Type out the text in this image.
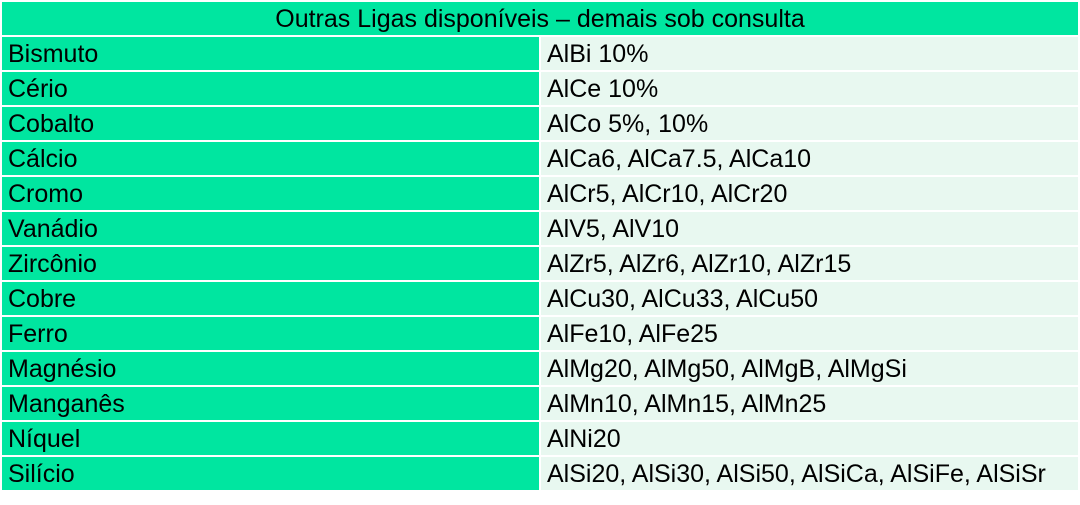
Outras Ligas disponíveis – demais sob consulta	
Bismuto	AlBi 10%
Cério	AlCe 10%
Cobalto	AlCo 5%, 10%
Cálcio	AlCa6, AlCa7.5, AlCa10
Cromo	AlCr5, AlCr10, AlCr20
Vanádio	AlV5, AlV10
Zircônio	AlZr5, AlZr6, AlZr10, AlZr15
Cobre	AlCu30, AlCu33, AlCu50
Ferro	AlFe10, AlFe25
Magnésio	AlMg20, AlMg50, AlMgB, AlMgSi
Manganês	AlMn10, AlMn15, AlMn25
Níquel	AlNi20
Silício	AlSi20, AlSi30, AlSi50, AlSiCa, AlSiFe, AlSiSr
